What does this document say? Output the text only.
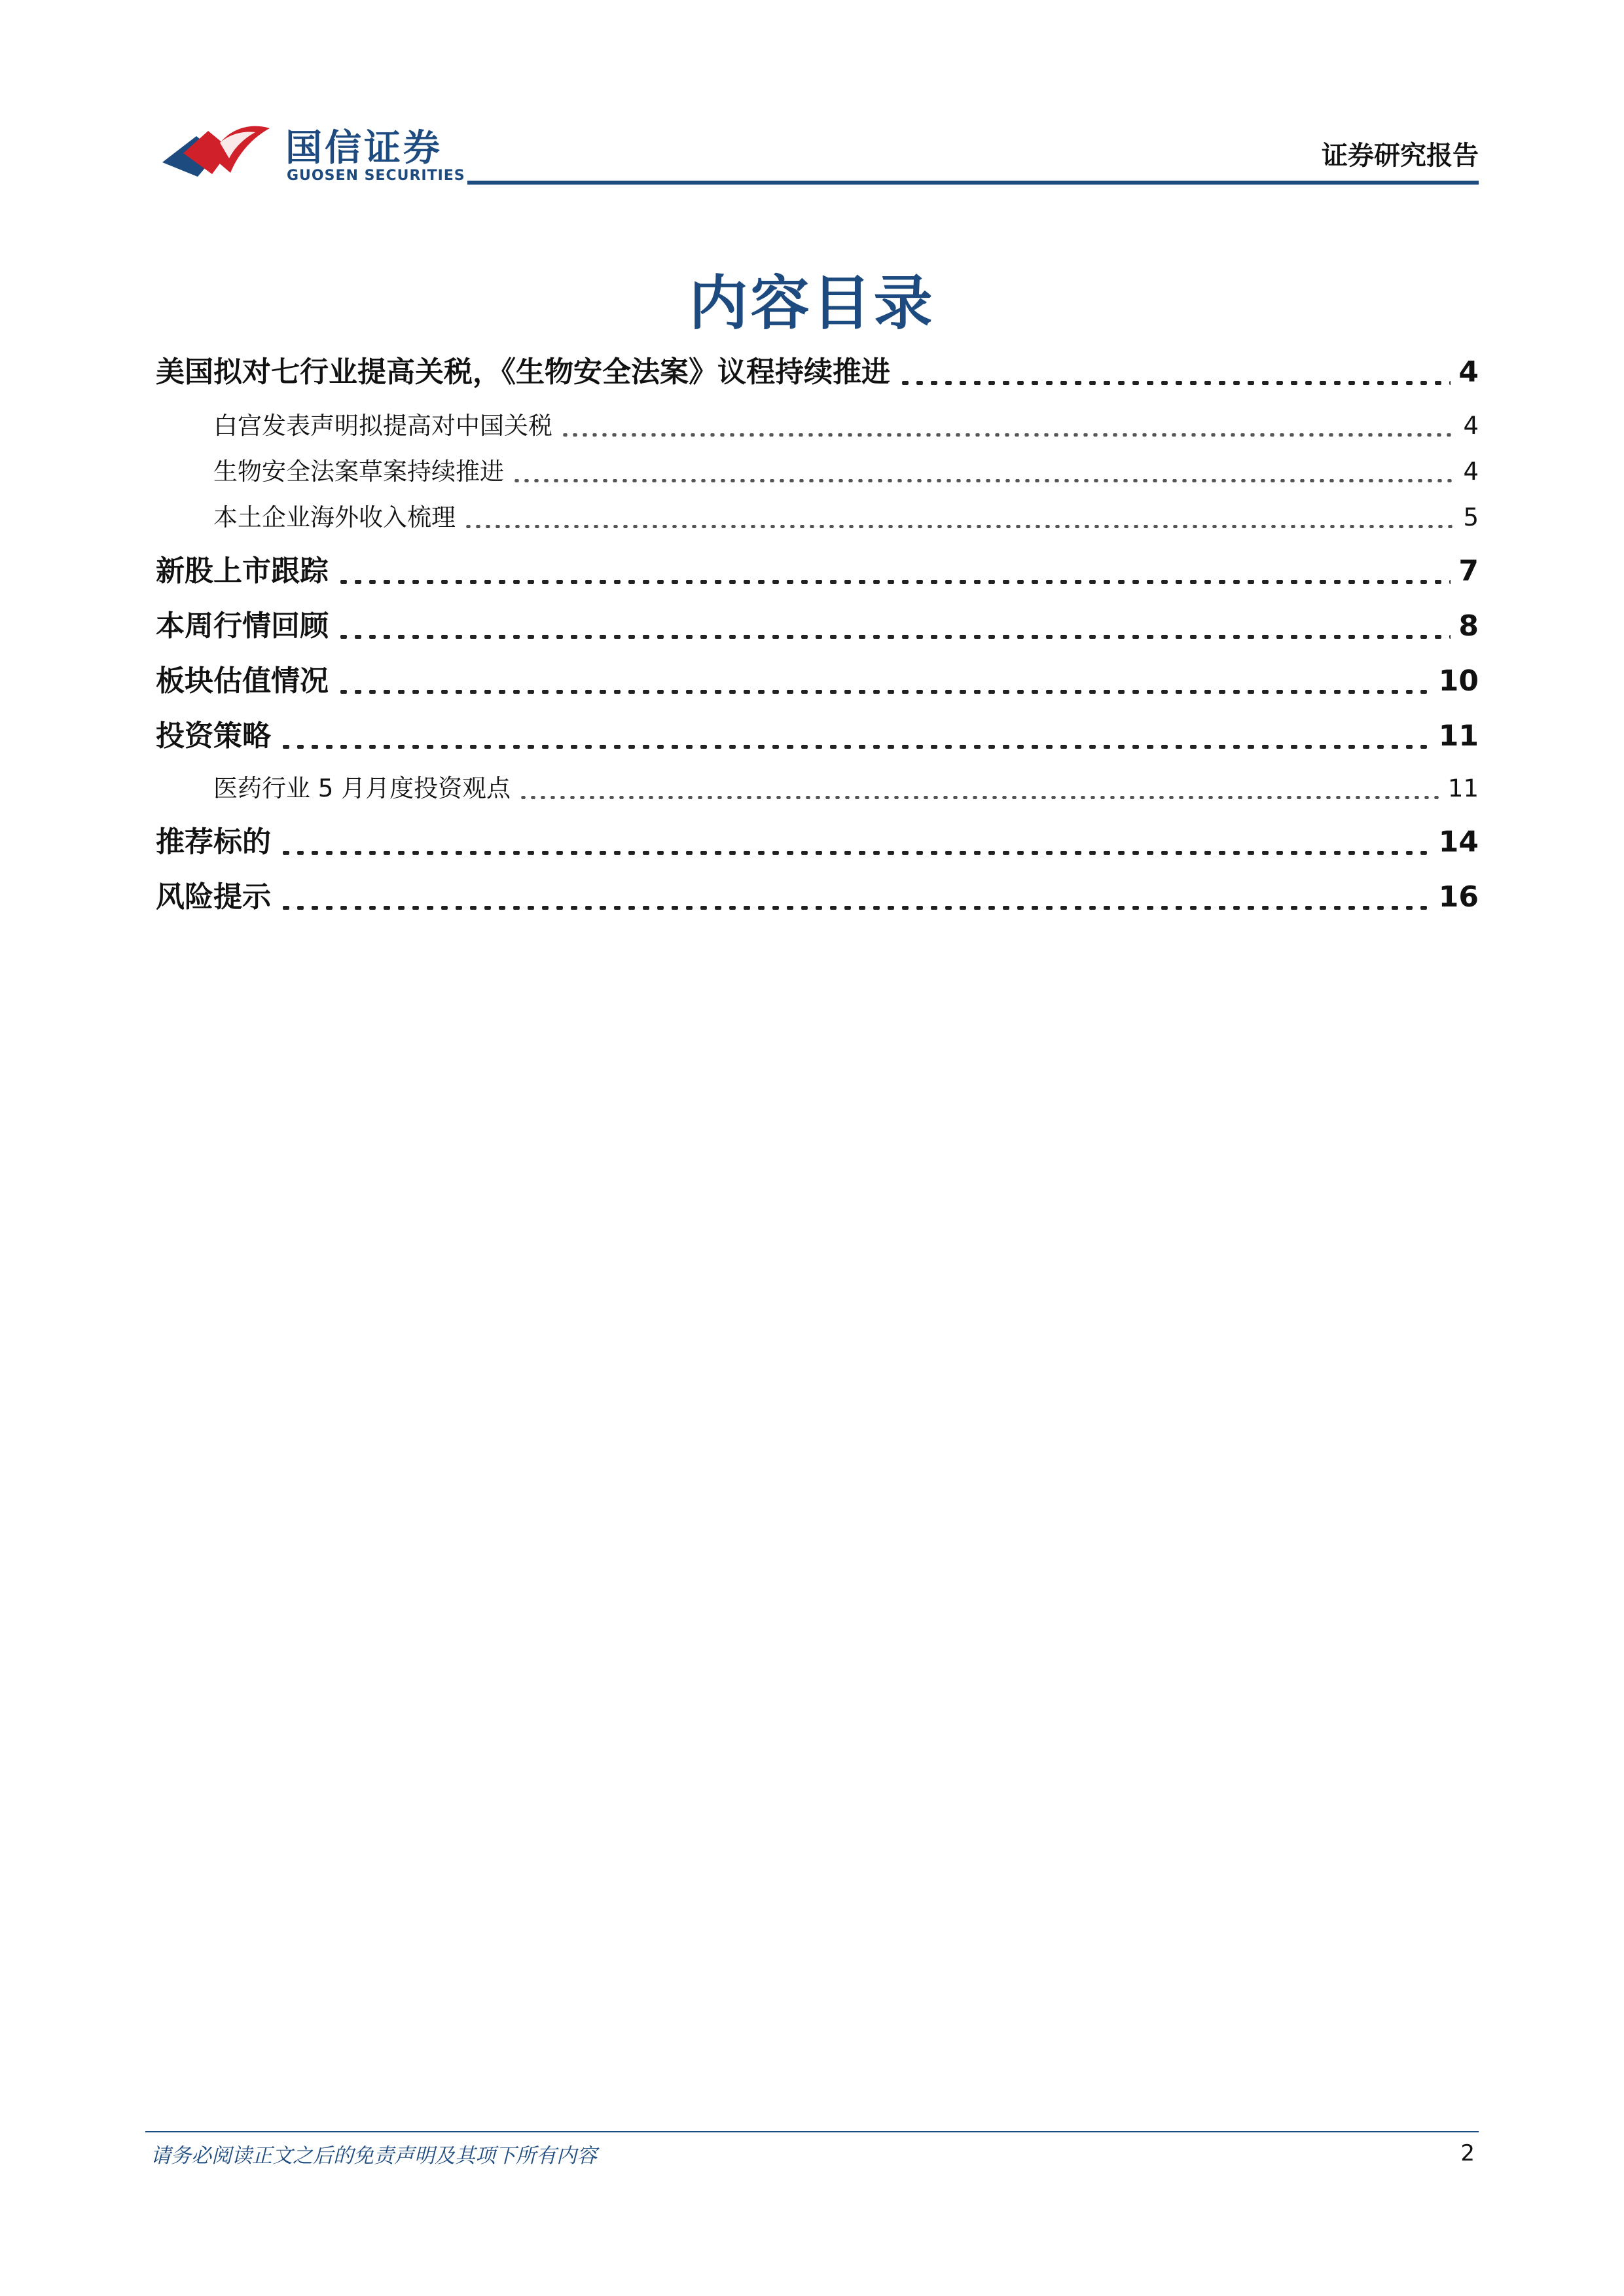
国信证券
GUOSEN SECURITIES
证券研究报告
内容目录
美国拟对七行业提高关税，《生物安全法案》议程持续推进	4
白宫发表声明拟提高对中国关税	4
生物安全法案草案持续推进	4
本土企业海外收入梳理	5
新股上市跟踪	7
本周行情回顾	8
板块估值情况	10
投资策略	11
医药行业 5 月月度投资观点	11
推荐标的	14
风险提示	16
请务必阅读正文之后的免责声明及其项下所有内容	2
